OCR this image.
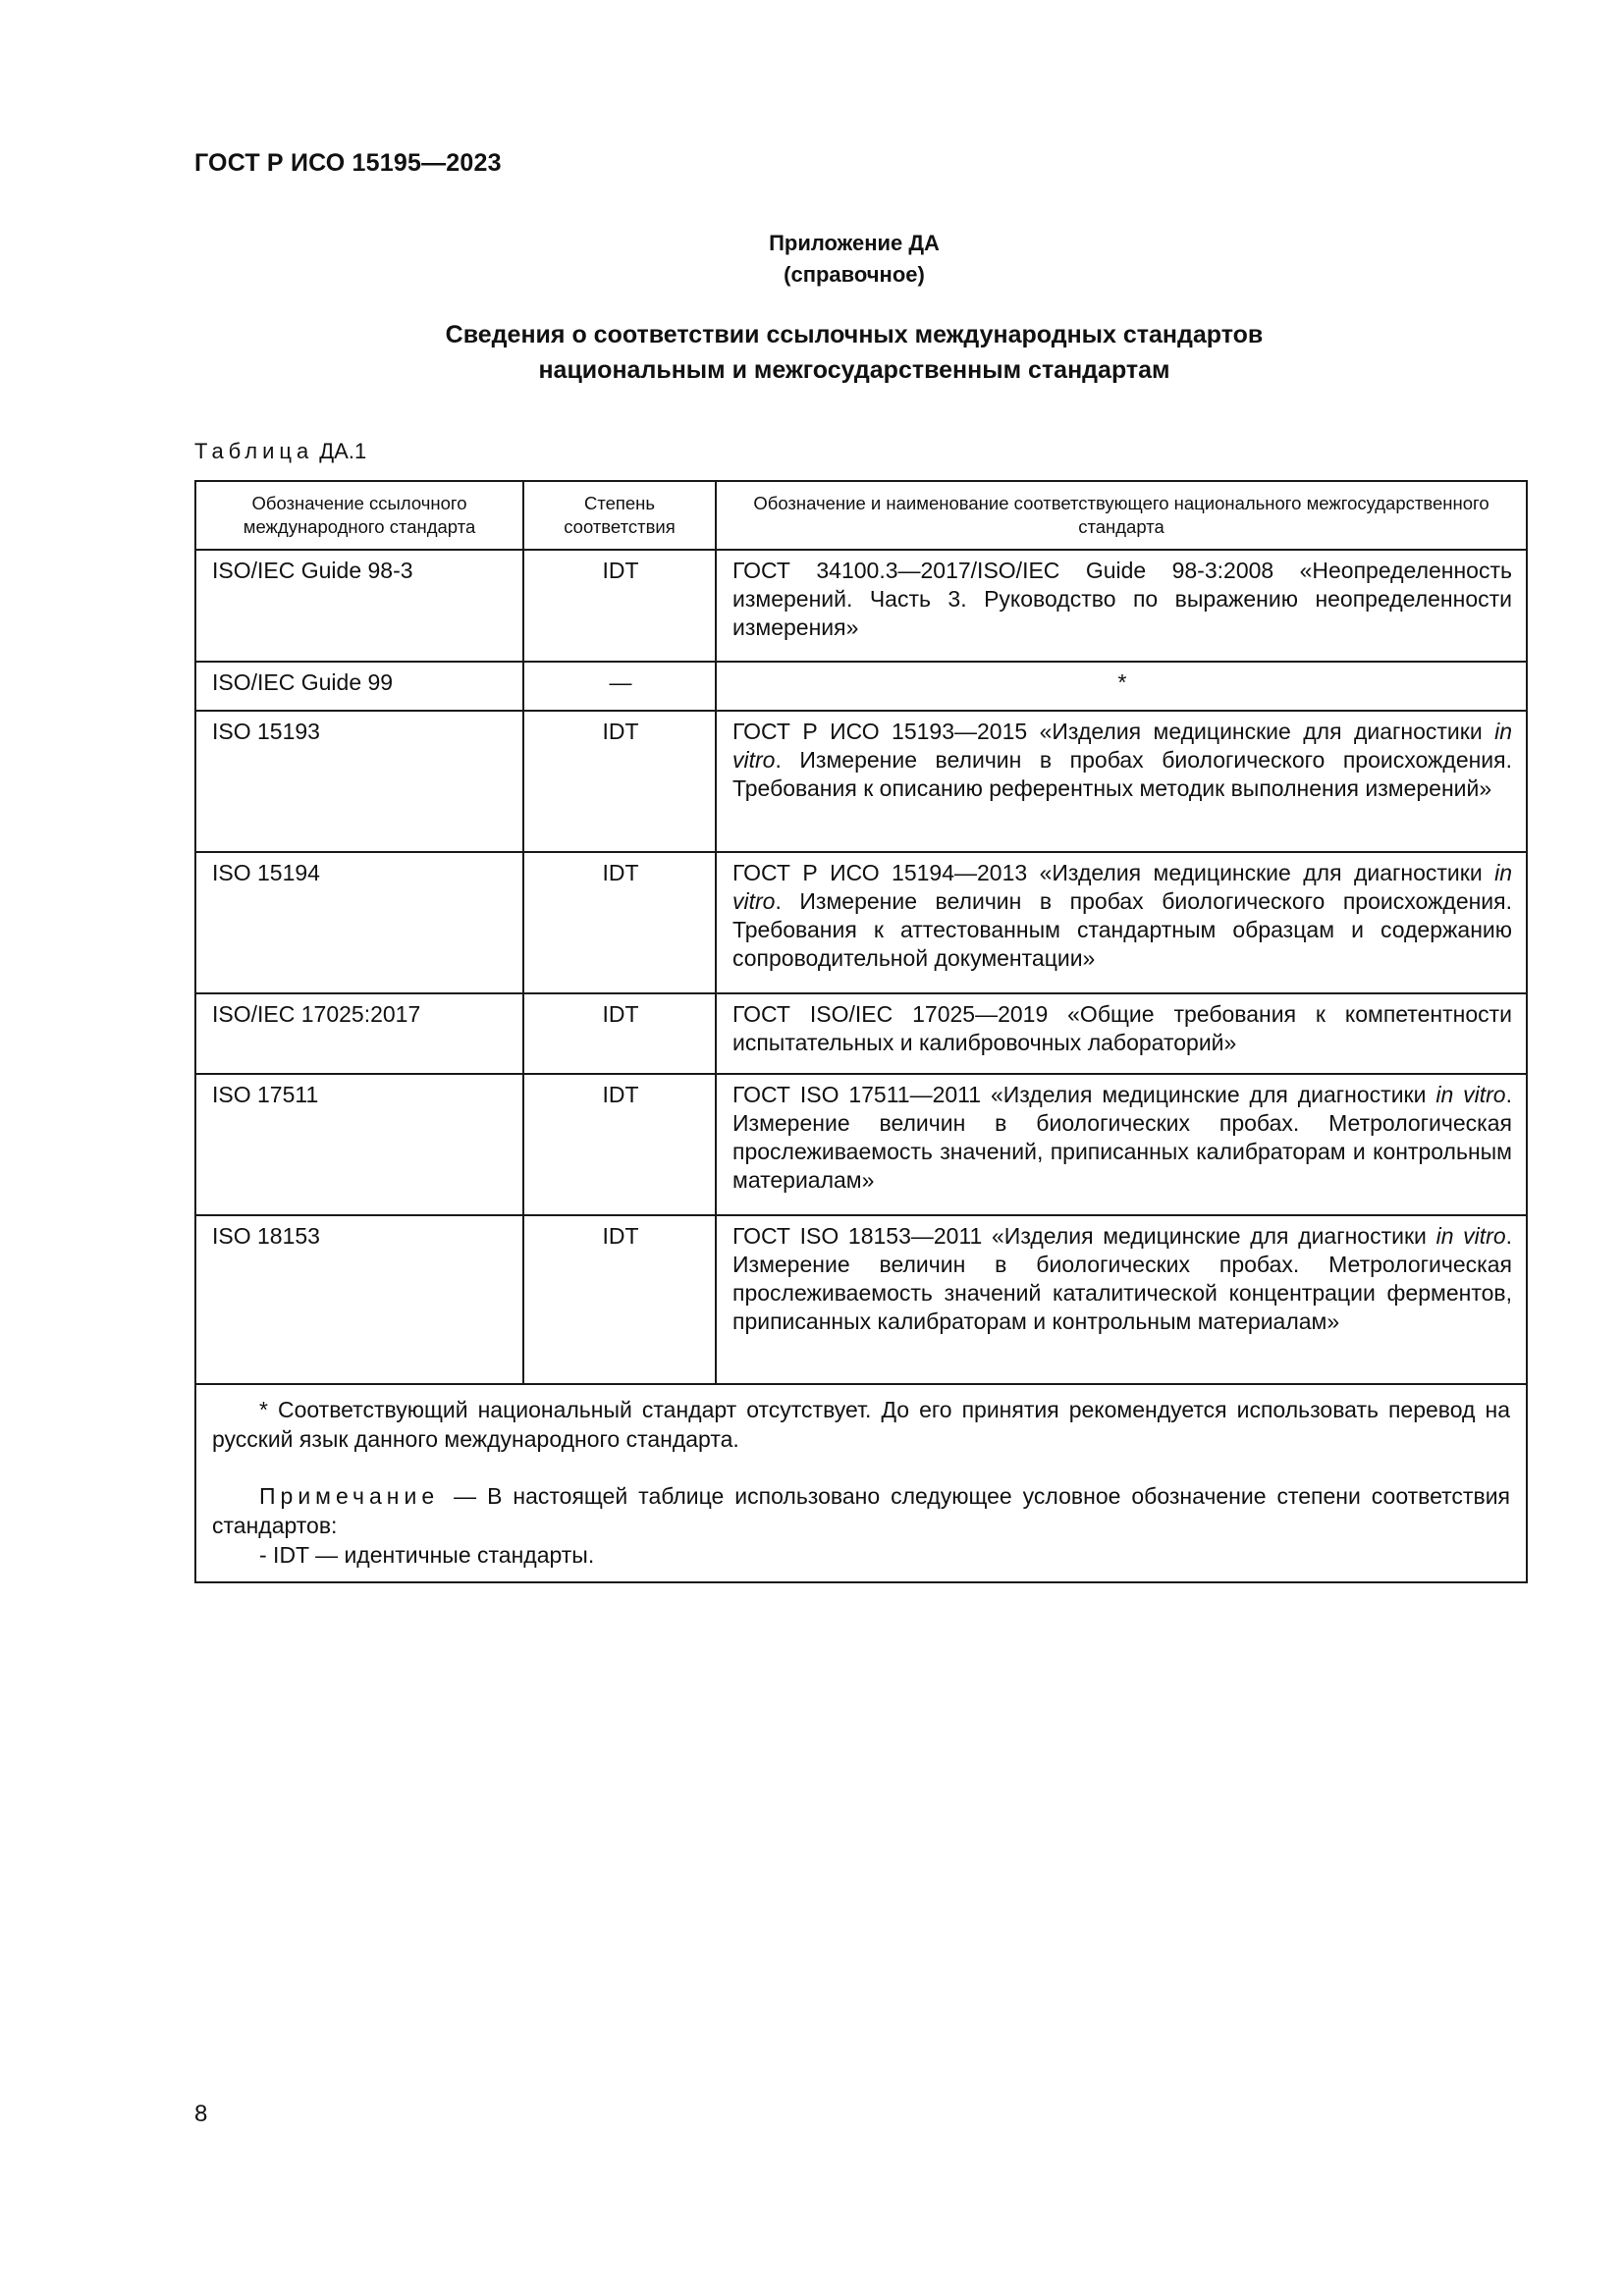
ГОСТ Р ИСО 15195—2023
Приложение ДА
(справочное)
Сведения о соответствии ссылочных международных стандартов
национальным и межгосударственным стандартам
Таблица ДА.1
Обозначение ссылочного международного стандарта	Степень соответствия	Обозначение и наименование соответствующего национального межгосударственного стандарта
ISO/IEC Guide 98-3	IDT	ГОСТ 34100.3—2017/ISO/IEC Guide 98-3:2008 «Неопределенность измерений. Часть 3. Руководство по выражению неопределенности измерения»
ISO/IEC Guide 99	—	*
ISO 15193	IDT	ГОСТ Р ИСО 15193—2015 «Изделия медицинские для диагностики in vitro. Измерение величин в пробах биологического происхождения. Требования к описанию референтных методик выполнения измерений»
ISO 15194	IDT	ГОСТ Р ИСО 15194—2013 «Изделия медицинские для диагностики in vitro. Измерение величин в пробах биологического происхождения. Требования к аттестованным стандартным образцам и содержанию сопроводительной документации»
ISO/IEC 17025:2017	IDT	ГОСТ ISO/IEC 17025—2019 «Общие требования к компетентности испытательных и калибровочных лабораторий»
ISO 17511	IDT	ГОСТ ISO 17511—2011 «Изделия медицинские для диагностики in vitro. Измерение величин в биологических пробах. Метрологическая прослеживаемость значений, приписанных калибраторам и контрольным материалам»
ISO 18153	IDT	ГОСТ ISO 18153—2011 «Изделия медицинские для диагностики in vitro. Измерение величин в биологических пробах. Метрологическая прослеживаемость значений каталитической концентрации ферментов, приписанных калибраторам и контрольным материалам»

* Соответствующий национальный стандарт отсутствует. До его принятия рекомендуется использовать перевод на русский язык данного международного стандарта.

Примечание — В настоящей таблице использовано следующее условное обозначение степени соответствия стандартов:

- IDT — идентичные стандарты.		

8
